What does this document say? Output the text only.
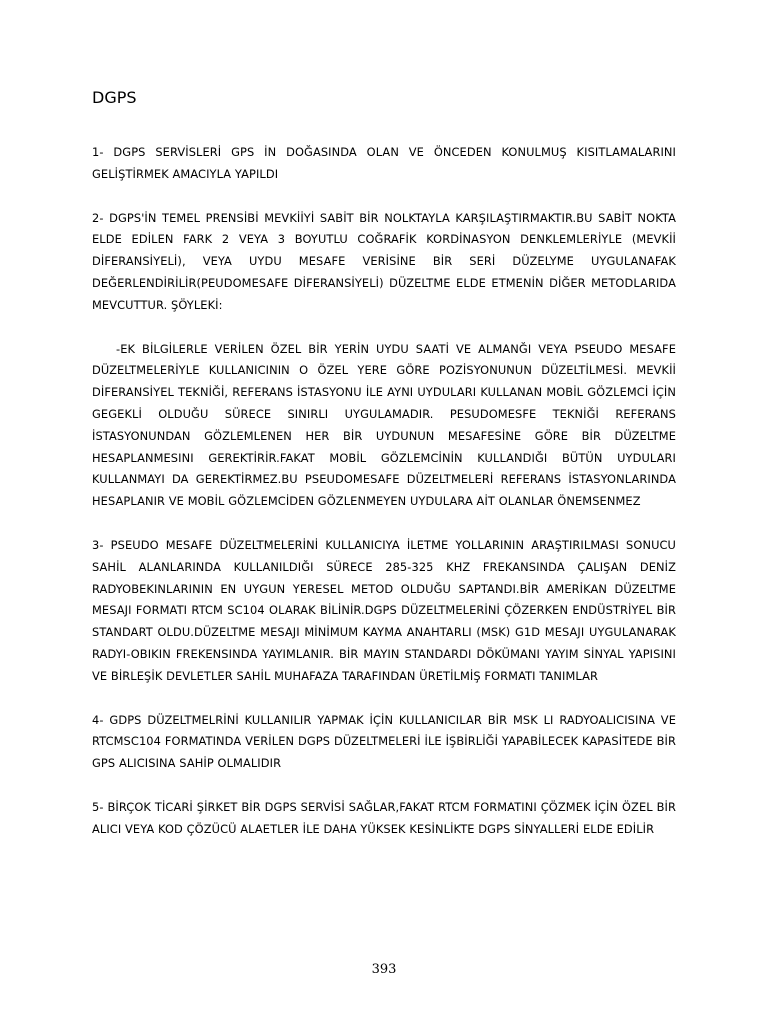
DGPS

1- DGPS SERVİSLERİ GPS İN DOĞASINDA OLAN VE ÖNCEDEN KONULMUŞ KISITLAMALARINI GELİŞTİRMEK AMACIYLA YAPILDI

2- DGPS'İN TEMEL PRENSİBİ MEVKİİYİ SABİT BİR NOLKTAYLA KARŞILAŞTIRMAKTIR.BU SABİT NOKTA ELDE EDİLEN FARK 2 VEYA 3 BOYUTLU COĞRAFİK KORDİNASYON DENKLEMLERİYLE (MEVKİİ DİFERANSİYELİ), VEYA UYDU MESAFE VERİSİNE BİR SERİ DÜZELYME UYGULANAFAK DEĞERLENDİRİLİR(PEUDOMESAFE DİFERANSİYELİ) DÜZELTME ELDE ETMENİN DİĞER METODLARIDA MEVCUTTUR. ŞÖYLEKİ:

-EK BİLGİLERLE VERİLEN ÖZEL BİR YERİN UYDU SAATİ VE ALMANĞI VEYA PSEUDO MESAFE DÜZELTMELERİYLE KULLANICININ O ÖZEL YERE GÖRE POZİSYONUNUN DÜZELTİLMESİ. MEVKİİ DİFERANSİYEL TEKNİĞİ, REFERANS İSTASYONU İLE AYNI UYDULARI KULLANAN MOBİL GÖZLEMCİ İÇİN GEGEKLİ OLDUĞU SÜRECE SINIRLI UYGULAMADIR. PESUDOMESFE TEKNİĞİ REFERANS İSTASYONUNDAN GÖZLEMLENEN HER BİR UYDUNUN MESAFESİNE GÖRE BİR DÜZELTME HESAPLANMESINI GEREKTİRİR.FAKAT MOBİL GÖZLEMCİNİN KULLANDIĞI BÜTÜN UYDULARI KULLANMAYI DA GEREKTİRMEZ.BU PSEUDOMESAFE DÜZELTMELERİ REFERANS İSTASYONLARINDA HESAPLANIR VE MOBİL GÖZLEMCİDEN GÖZLENMEYEN UYDULARA AİT OLANLAR ÖNEMSENMEZ

3- PSEUDO MESAFE DÜZELTMELERİNİ KULLANICIYA İLETME YOLLARININ ARAŞTIRILMASI SONUCU SAHİL ALANLARINDA KULLANILDIĞI SÜRECE 285-325 KHZ FREKANSINDA ÇALIŞAN DENİZ RADYOBEKINLARININ EN UYGUN YERESEL METOD OLDUĞU SAPTANDI.BİR AMERİKAN DÜZELTME MESAJI FORMATI RTCM SC104 OLARAK BİLİNİR.DGPS DÜZELTMELERİNİ ÇÖZERKEN ENDÜSTRİYEL BİR STANDART OLDU.DÜZELTME MESAJI MİNİMUM KAYMA ANAHTARLI (MSK) G1D MESAJI UYGULANARAK RADYI-OBIKIN FREKENSINDA YAYIMLANIR. BİR MAYIN STANDARDI DÖKÜMANI YAYIM SİNYAL YAPISINI VE BİRLEŞİK DEVLETLER SAHİL MUHAFAZA TARAFINDAN ÜRETİLMİŞ FORMATI TANIMLAR

4- GDPS DÜZELTMELRİNİ KULLANILIR YAPMAK İÇİN KULLANICILAR BİR MSK LI RADYOALICISINA VE RTCMSC104 FORMATINDA VERİLEN DGPS DÜZELTMELERİ İLE İŞBİRLİĞİ YAPABİLECEK KAPASİTEDE BİR GPS ALICISINA SAHİP OLMALIDIR

5- BİRÇOK TİCARİ ŞİRKET BİR DGPS SERVİSİ SAĞLAR,FAKAT RTCM FORMATINI ÇÖZMEK İÇİN ÖZEL BİR ALICI VEYA KOD ÇÖZÜCÜ ALAETLER İLE DAHA YÜKSEK KESİNLİKTE DGPS SİNYALLERİ ELDE EDİLİR

393
